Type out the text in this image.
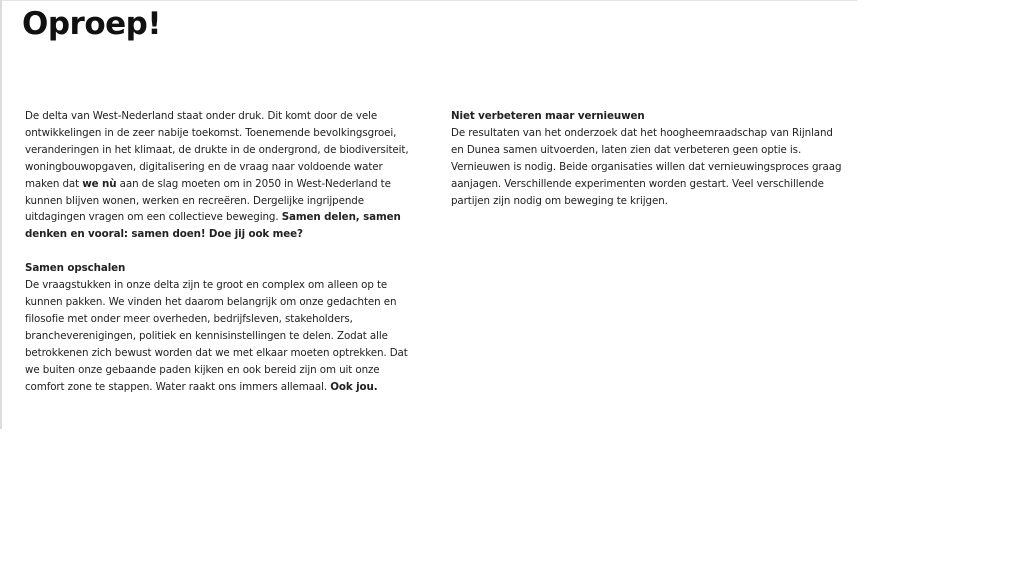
Oproep!

De delta van West-Nederland staat onder druk. Dit komt door de vele ontwikkelingen in de zeer nabije toekomst. Toenemende bevolkingsgroei, veranderingen in het klimaat, de drukte in de ondergrond, de biodiversiteit, woningbouwopgaven, digitalisering en de vraag naar voldoende water maken dat we nù aan de slag moeten om in 2050 in West-Nederland te kunnen blijven wonen, werken en recreëren. Dergelijke ingrijpende uitdagingen vragen om een collectieve beweging. Samen delen, samen denken en vooral: samen doen! Doe jij ook mee?

Samen opschalen
De vraagstukken in onze delta zijn te groot en complex om alleen op te kunnen pakken. We vinden het daarom belangrijk om onze gedachten en filosofie met onder meer overheden, bedrijfsleven, stakeholders, brancheverenigingen, politiek en kennisinstellingen te delen. Zodat alle betrokkenen zich bewust worden dat we met elkaar moeten optrekken. Dat we buiten onze gebaande paden kijken en ook bereid zijn om uit onze comfort zone te stappen. Water raakt ons immers allemaal. Ook jou.

Niet verbeteren maar vernieuwen
De resultaten van het onderzoek dat het hoogheemraadschap van Rijnland en Dunea samen uitvoerden, laten zien dat verbeteren geen optie is. Vernieuwen is nodig. Beide organisaties willen dat vernieuwingsproces graag aanjagen. Verschillende experimenten worden gestart. Veel verschillende partijen zijn nodig om beweging te krijgen.
